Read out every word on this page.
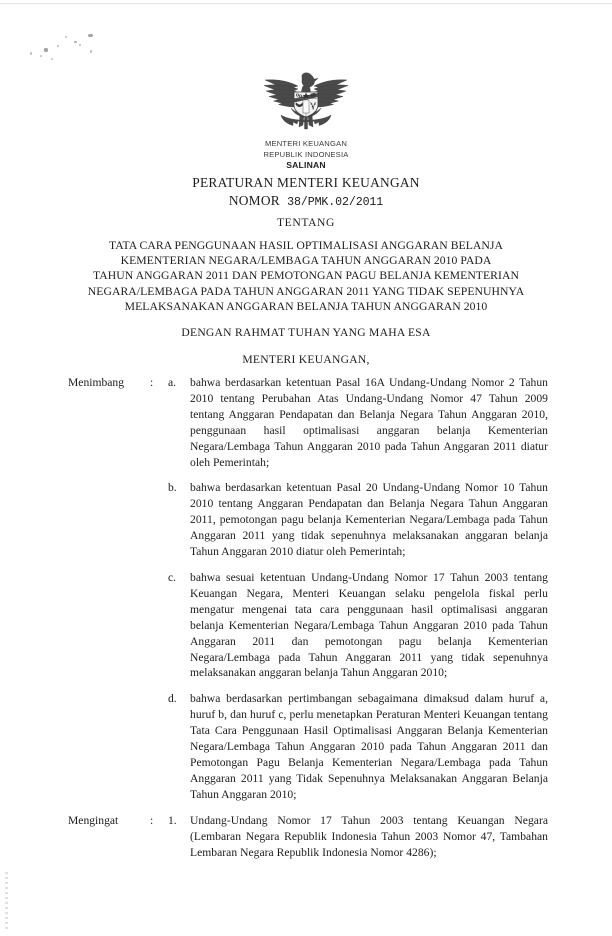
MENTERI KEUANGAN
REPUBLIK INDONESIA
SALINAN
PERATURAN MENTERI KEUANGAN
NOMOR 38/PMK.02/2011
TENTANG
TATA CARA PENGGUNAAN HASIL OPTIMALISASI ANGGARAN BELANJA
KEMENTERIAN NEGARA/LEMBAGA TAHUN ANGGARAN 2010 PADA
TAHUN ANGGARAN 2011 DAN PEMOTONGAN PAGU BELANJA KEMENTERIAN
NEGARA/LEMBAGA PADA TAHUN ANGGARAN 2011 YANG TIDAK SEPENUHNYA
MELAKSANAKAN ANGGARAN BELANJA TAHUN ANGGARAN 2010
DENGAN RAHMAT TUHAN YANG MAHA ESA
MENTERI KEUANGAN,
Menimbang	:	a.	bahwa berdasarkan ketentuan Pasal 16A Undang-Undang Nomor 2 Tahun 2010 tentang Perubahan Atas Undang-Undang Nomor 47 Tahun 2009 tentang Anggaran Pendapatan dan Belanja Negara Tahun Anggaran 2010, penggunaan hasil optimalisasi anggaran belanja Kementerian Negara/Lembaga Tahun Anggaran 2010 pada Tahun Anggaran 2011 diatur oleh Pemerintah;
b.	bahwa berdasarkan ketentuan Pasal 20 Undang-Undang Nomor 10 Tahun 2010 tentang Anggaran Pendapatan dan Belanja Negara Tahun Anggaran 2011, pemotongan pagu belanja Kementerian Negara/Lembaga pada Tahun Anggaran 2011 yang tidak sepenuhnya melaksanakan anggaran belanja Tahun Anggaran 2010 diatur oleh Pemerintah;
c.	bahwa sesuai ketentuan Undang-Undang Nomor 17 Tahun 2003 tentang Keuangan Negara, Menteri Keuangan selaku pengelola fiskal perlu mengatur mengenai tata cara penggunaan hasil optimalisasi anggaran belanja Kementerian Negara/Lembaga Tahun Anggaran 2010 pada Tahun Anggaran 2011 dan pemotongan pagu belanja Kementerian Negara/Lembaga pada Tahun Anggaran 2011 yang tidak sepenuhnya melaksanakan anggaran belanja Tahun Anggaran 2010;
d.	bahwa berdasarkan pertimbangan sebagaimana dimaksud dalam huruf a, huruf b, dan huruf c, perlu menetapkan Peraturan Menteri Keuangan tentang Tata Cara Penggunaan Hasil Optimalisasi Anggaran Belanja Kementerian Negara/Lembaga Tahun Anggaran 2010 pada Tahun Anggaran 2011 dan Pemotongan Pagu Belanja Kementerian Negara/Lembaga pada Tahun Anggaran 2011 yang Tidak Sepenuhnya Melaksanakan Anggaran Belanja Tahun Anggaran 2010;
Mengingat	:	1.	Undang-Undang Nomor 17 Tahun 2003 tentang Keuangan Negara (Lembaran Negara Republik Indonesia Tahun 2003 Nomor 47, Tambahan Lembaran Negara Republik Indonesia Nomor 4286);
